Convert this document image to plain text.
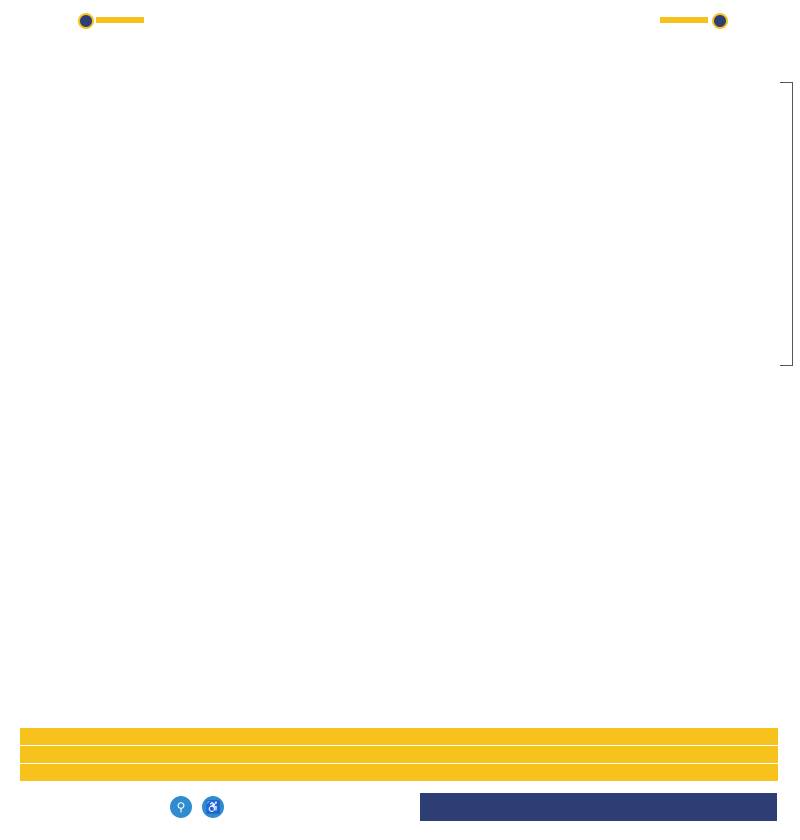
⚲	♿
